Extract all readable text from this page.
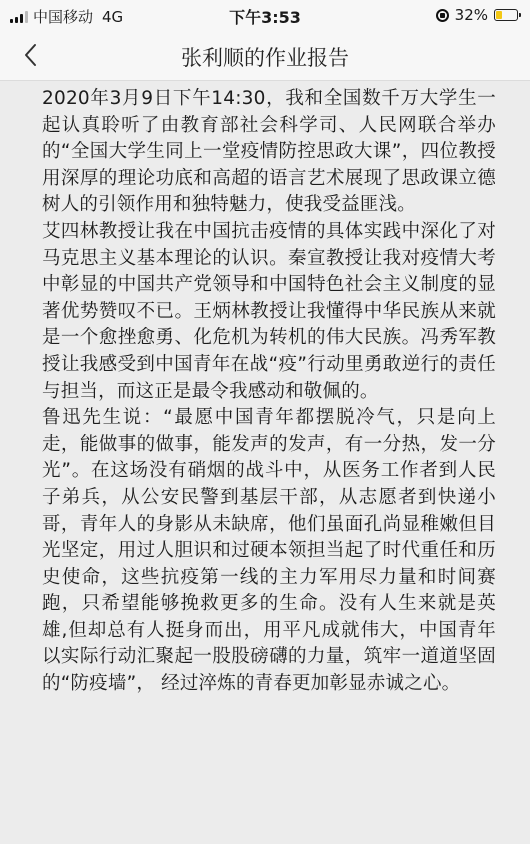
中国移动 4G	下午3:53	32%
张利顺的作业报告

2020年3月9日下午14:30，我和全国数千万大学生一起认真聆听了由教育部社会科学司、人民网联合举办的“全国大学生同上一堂疫情防控思政大课”，四位教授用深厚的理论功底和高超的语言艺术展现了思政课立德树人的引领作用和独特魅力，使我受益匪浅。

艾四林教授让我在中国抗击疫情的具体实践中深化了对马克思主义基本理论的认识。秦宣教授让我对疫情大考中彰显的中国共产党领导和中国特色社会主义制度的显著优势赞叹不已。王炳林教授让我懂得中华民族从来就是一个愈挫愈勇、化危机为转机的伟大民族。冯秀军教授让我感受到中国青年在战“疫”行动里勇敢逆行的责任与担当，而这正是最令我感动和敬佩的。

鲁迅先生说：“最愿中国青年都摆脱冷气，只是向上走，能做事的做事，能发声的发声，有一分热，发一分光”。在这场没有硝烟的战斗中，从医务工作者到人民子弟兵，从公安民警到基层干部，从志愿者到快递小哥，青年人的身影从未缺席，他们虽面孔尚显稚嫩但目光坚定，用过人胆识和过硬本领担当起了时代重任和历史使命，这些抗疫第一线的主力军用尽力量和时间赛跑，只希望能够挽救更多的生命。没有人生来就是英雄,但却总有人挺身而出，用平凡成就伟大，中国青年以实际行动汇聚起一股股磅礴的力量，筑牢一道道坚固的“防疫墙”， 经过淬炼的青春更加彰显赤诚之心。
